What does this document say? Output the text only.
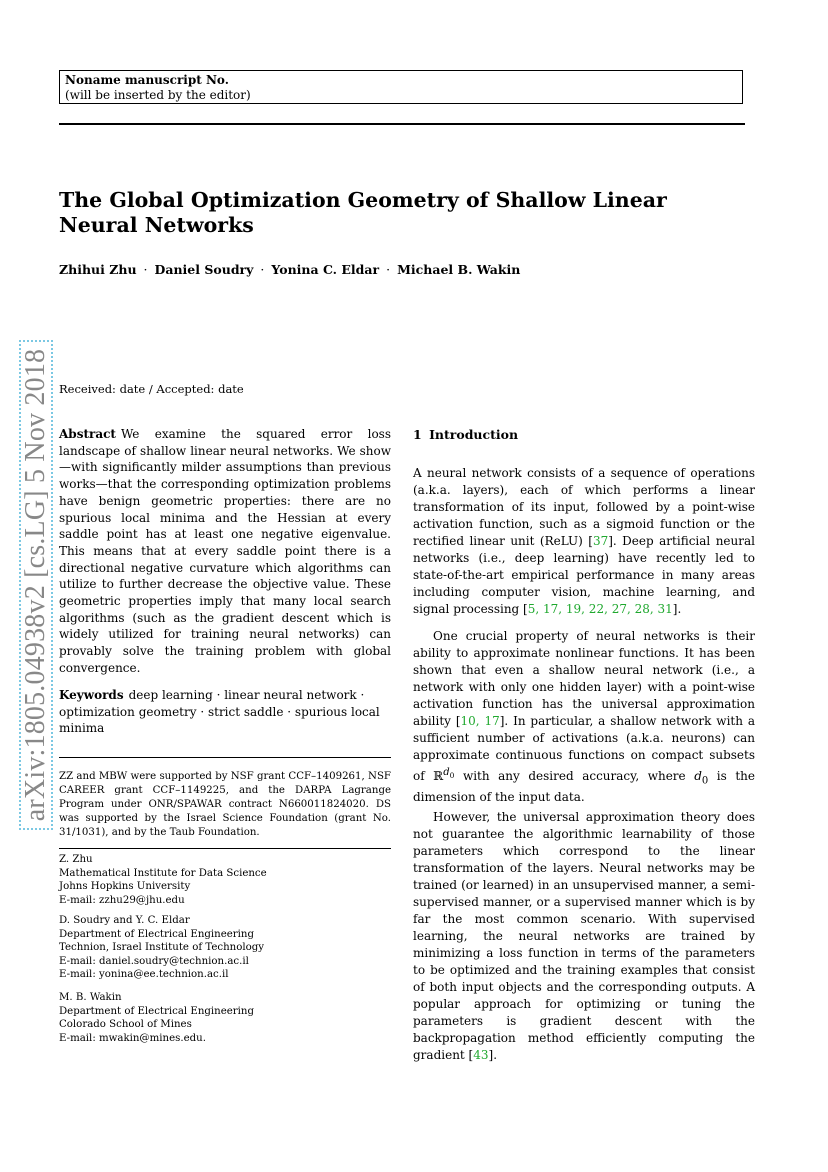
Noname manuscript No.
(will be inserted by the editor)
The Global Optimization Geometry of Shallow Linear Neural Networks
Zhihui Zhu · Daniel Soudry · Yonina C. Eldar · Michael B. Wakin
arXiv:1805.04938v2 [cs.LG] 5 Nov 2018 Received: date / Accepted: date

Abstract We examine the squared error loss landscape of shallow linear neural networks. We show—with significantly milder assumptions than previous works—that the corresponding optimization problems have benign geometric properties: there are no spurious local minima and the Hessian at every saddle point has at least one negative eigenvalue. This means that at every saddle point there is a directional negative curvature which algorithms can utilize to further decrease the objective value. These geometric properties imply that many local search algorithms (such as the gradient descent which is widely utilized for training neural networks) can provably solve the training problem with global convergence.

Keywords deep learning · linear neural network · optimization geometry · strict saddle · spurious local minima

ZZ and MBW were supported by NSF grant CCF–1409261, NSF CAREER grant CCF–1149225, and the DARPA Lagrange Program under ONR/SPAWAR contract N660011824020. DS was supported by the Israel Science Foundation (grant No. 31/1031), and by the Taub Foundation.

Z. Zhu
Mathematical Institute for Data Science
Johns Hopkins University
E-mail: zzhu29@jhu.edu
D. Soudry and Y. C. Eldar
Department of Electrical Engineering
Technion, Israel Institute of Technology
E-mail: daniel.soudry@technion.ac.il
E-mail: yonina@ee.technion.ac.il
M. B. Wakin
Department of Electrical Engineering
Colorado School of Mines
E-mail: mwakin@mines.edu.
1 Introduction

A neural network consists of a sequence of operations (a.k.a. layers), each of which performs a linear transformation of its input, followed by a point-wise activation function, such as a sigmoid function or the rectified linear unit (ReLU) [37]. Deep artificial neural networks (i.e., deep learning) have recently led to state-of-the-art empirical performance in many areas including computer vision, machine learning, and signal processing [5, 17, 19, 22, 27, 28, 31].

One crucial property of neural networks is their ability to approximate nonlinear functions. It has been shown that even a shallow neural network (i.e., a network with only one hidden layer) with a point-wise activation function has the universal approximation ability [10, 17]. In particular, a shallow network with a sufficient number of activations (a.k.a. neurons) can approximate continuous functions on compact subsets of ℝ$^{d_0}$ with any desired accuracy, where $d_0$ is the dimension of the input data.

However, the universal approximation theory does not guarantee the algorithmic learnability of those parameters which correspond to the linear transformation of the layers. Neural networks may be trained (or learned) in an unsupervised manner, a semi-supervised manner, or a supervised manner which is by far the most common scenario. With supervised learning, the neural networks are trained by minimizing a loss function in terms of the parameters to be optimized and the training examples that consist of both input objects and the corresponding outputs. A popular approach for optimizing or tuning the parameters is gradient descent with the backpropagation method efficiently computing the gradient [43].
